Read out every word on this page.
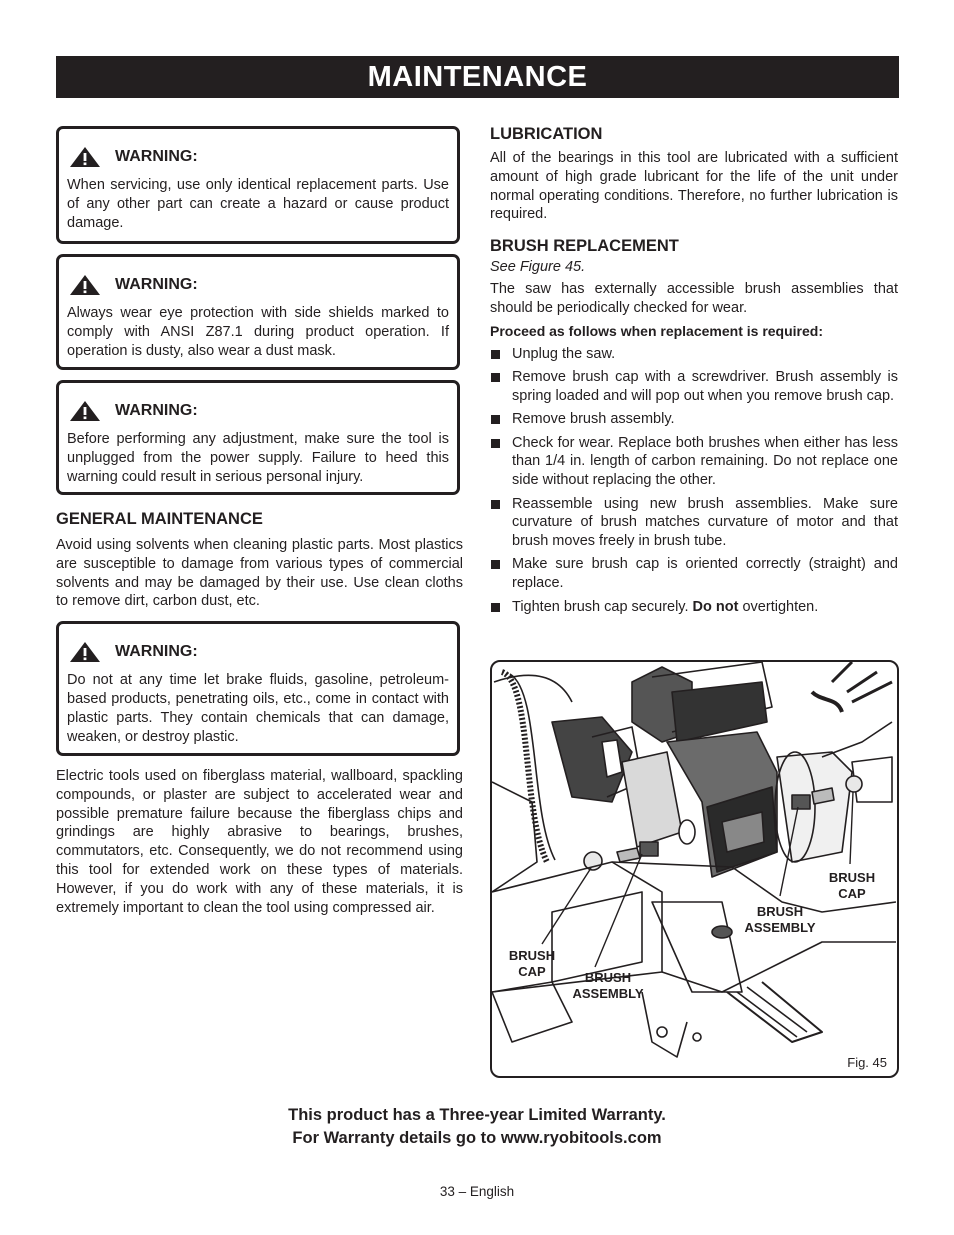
MAINTENANCE
WARNING:
When servicing, use only identical replacement parts. Use of any other part can create a hazard or cause product damage.
WARNING:
Always wear eye protection with side shields marked to comply with ANSI Z87.1 during product operation. If operation is dusty, also wear a dust mask.
WARNING:
Before performing any adjustment, make sure the tool is unplugged from the power supply. Failure to heed this warning could result in serious personal injury.
GENERAL MAINTENANCE
Avoid using solvents when cleaning plastic parts. Most plastics are susceptible to damage from various types of commercial solvents and may be damaged by their use. Use clean cloths to remove dirt, carbon dust, etc.
WARNING:
Do not at any time let brake fluids, gasoline, petroleum-based products, penetrating oils, etc., come in contact with plastic parts. They contain chemicals that can damage, weaken, or destroy plastic.
Electric tools used on fiberglass material, wallboard, spackling compounds, or plaster are subject to accelerated wear and possible premature failure because the fiberglass chips and grindings are highly abrasive to bearings, brushes, commutators, etc. Consequently, we do not recommend using this tool for extended work on these types of materials. However, if you do work with any of these materials, it is extremely important to clean the tool using compressed air.
LUBRICATION
All of the bearings in this tool are lubricated with a sufficient amount of high grade lubricant for the life of the unit under normal operating conditions. Therefore, no further lubrication is required.
BRUSH REPLACEMENT
See Figure 45.
The saw has externally accessible brush assemblies that should be periodically checked for wear.
Proceed as follows when replacement is required:
Unplug the saw.
Remove brush cap with a screwdriver. Brush assembly is spring loaded and will pop out when you remove brush cap.
Remove brush assembly.
Check for wear. Replace both brushes when either has less than 1/4 in. length of carbon remaining. Do not replace one side without replacing the other.
Reassemble using new brush assemblies. Make sure curvature of brush matches curvature of motor and that brush moves freely in brush tube.
Make sure brush cap is oriented correctly (straight) and replace.
Tighten brush cap securely. Do not overtighten.
BRUSH
CAP	BRUSH
ASSEMBLY
BRUSH
ASSEMBLY
BRUSH
CAP
Fig. 45
This product has a Three-year Limited Warranty.
For Warranty details go to www.ryobitools.com
33 – English
